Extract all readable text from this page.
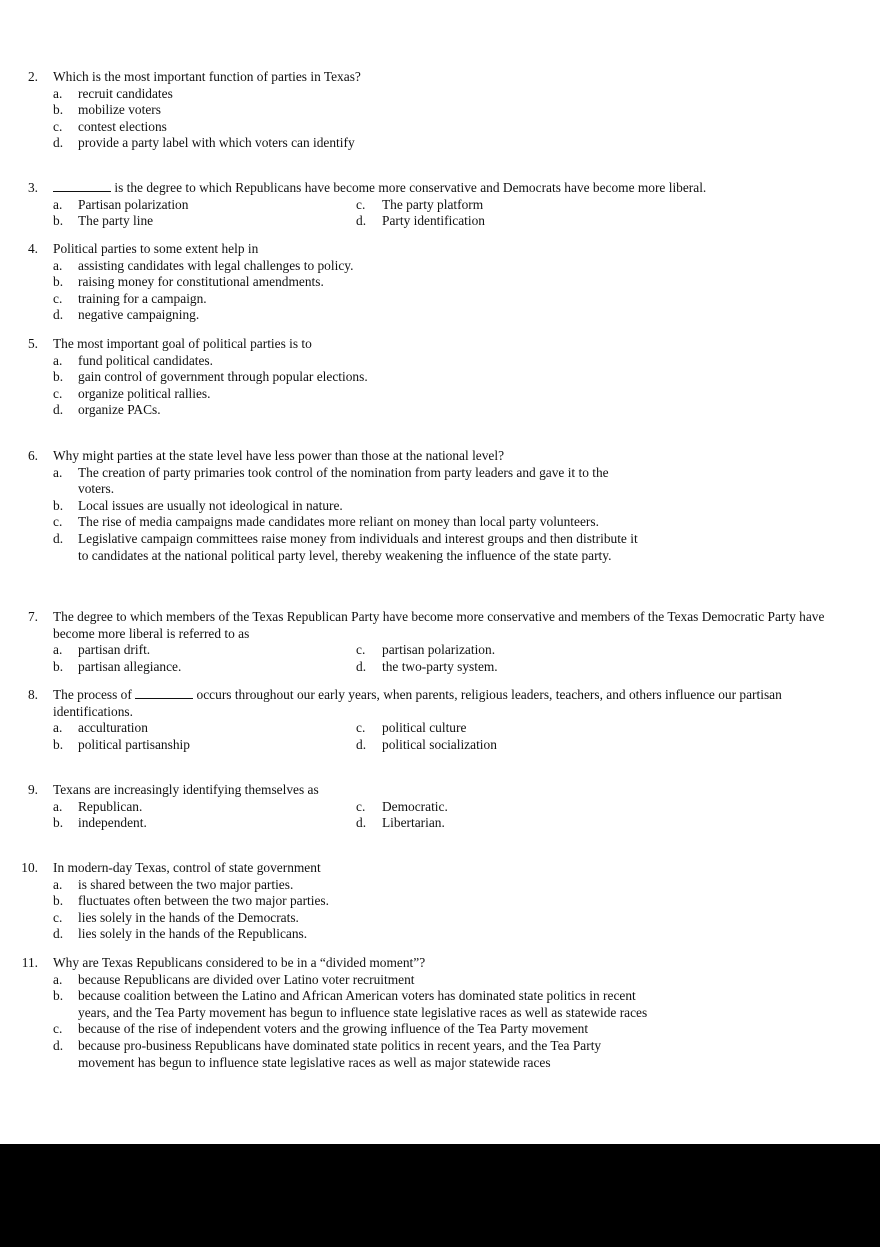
2. Which is the most important function of parties in Texas?
a. recruit candidates
b. mobilize voters
c. contest elections
d. provide a party label with which voters can identify
3.	is the degree to which Republicans have become more conservative and Democrats have become more liberal.
a. Partisan polarization	c. The party platform
b. The party line	d. Party identification
4. Political parties to some extent help in
a. assisting candidates with legal challenges to policy.
b. raising money for constitutional amendments.
c. training for a campaign.
d. negative campaigning.
5. The most important goal of political parties is to
a. fund political candidates.
b. gain control of government through popular elections.
c. organize political rallies.
d. organize PACs.
6. Why might parties at the state level have less power than those at the national level?
a. The creation of party primaries took control of the nomination from party leaders and gave it to the voters.
b. Local issues are usually not ideological in nature.
c. The rise of media campaigns made candidates more reliant on money than local party volunteers.
d. Legislative campaign committees raise money from individuals and interest groups and then distribute it to candidates at the national political party level, thereby weakening the influence of the state party.
7. The degree to which members of the Texas Republican Party have become more conservative and members of the Texas Democratic Party have become more liberal is referred to as
a. partisan drift.	c. partisan polarization.
b. partisan allegiance.	d. the two-party system.
8. The process of	occurs throughout our early years, when parents, religious leaders, teachers, and others influence our partisan identifications.
a. acculturation	c. political culture
b. political partisanship	d. political socialization
9. Texans are increasingly identifying themselves as
a. Republican.	c. Democratic.
b. independent.	d. Libertarian.
10. In modern-day Texas, control of state government
a. is shared between the two major parties.
b. fluctuates often between the two major parties.
c. lies solely in the hands of the Democrats.
d. lies solely in the hands of the Republicans.
11. Why are Texas Republicans considered to be in a “divided moment”?
a. because Republicans are divided over Latino voter recruitment
b. because coalition between the Latino and African American voters has dominated state politics in recent years, and the Tea Party movement has begun to influence state legislative races as well as statewide races
c. because of the rise of independent voters and the growing influence of the Tea Party movement
d. because pro-business Republicans have dominated state politics in recent years, and the Tea Party movement has begun to influence state legislative races as well as major statewide races
